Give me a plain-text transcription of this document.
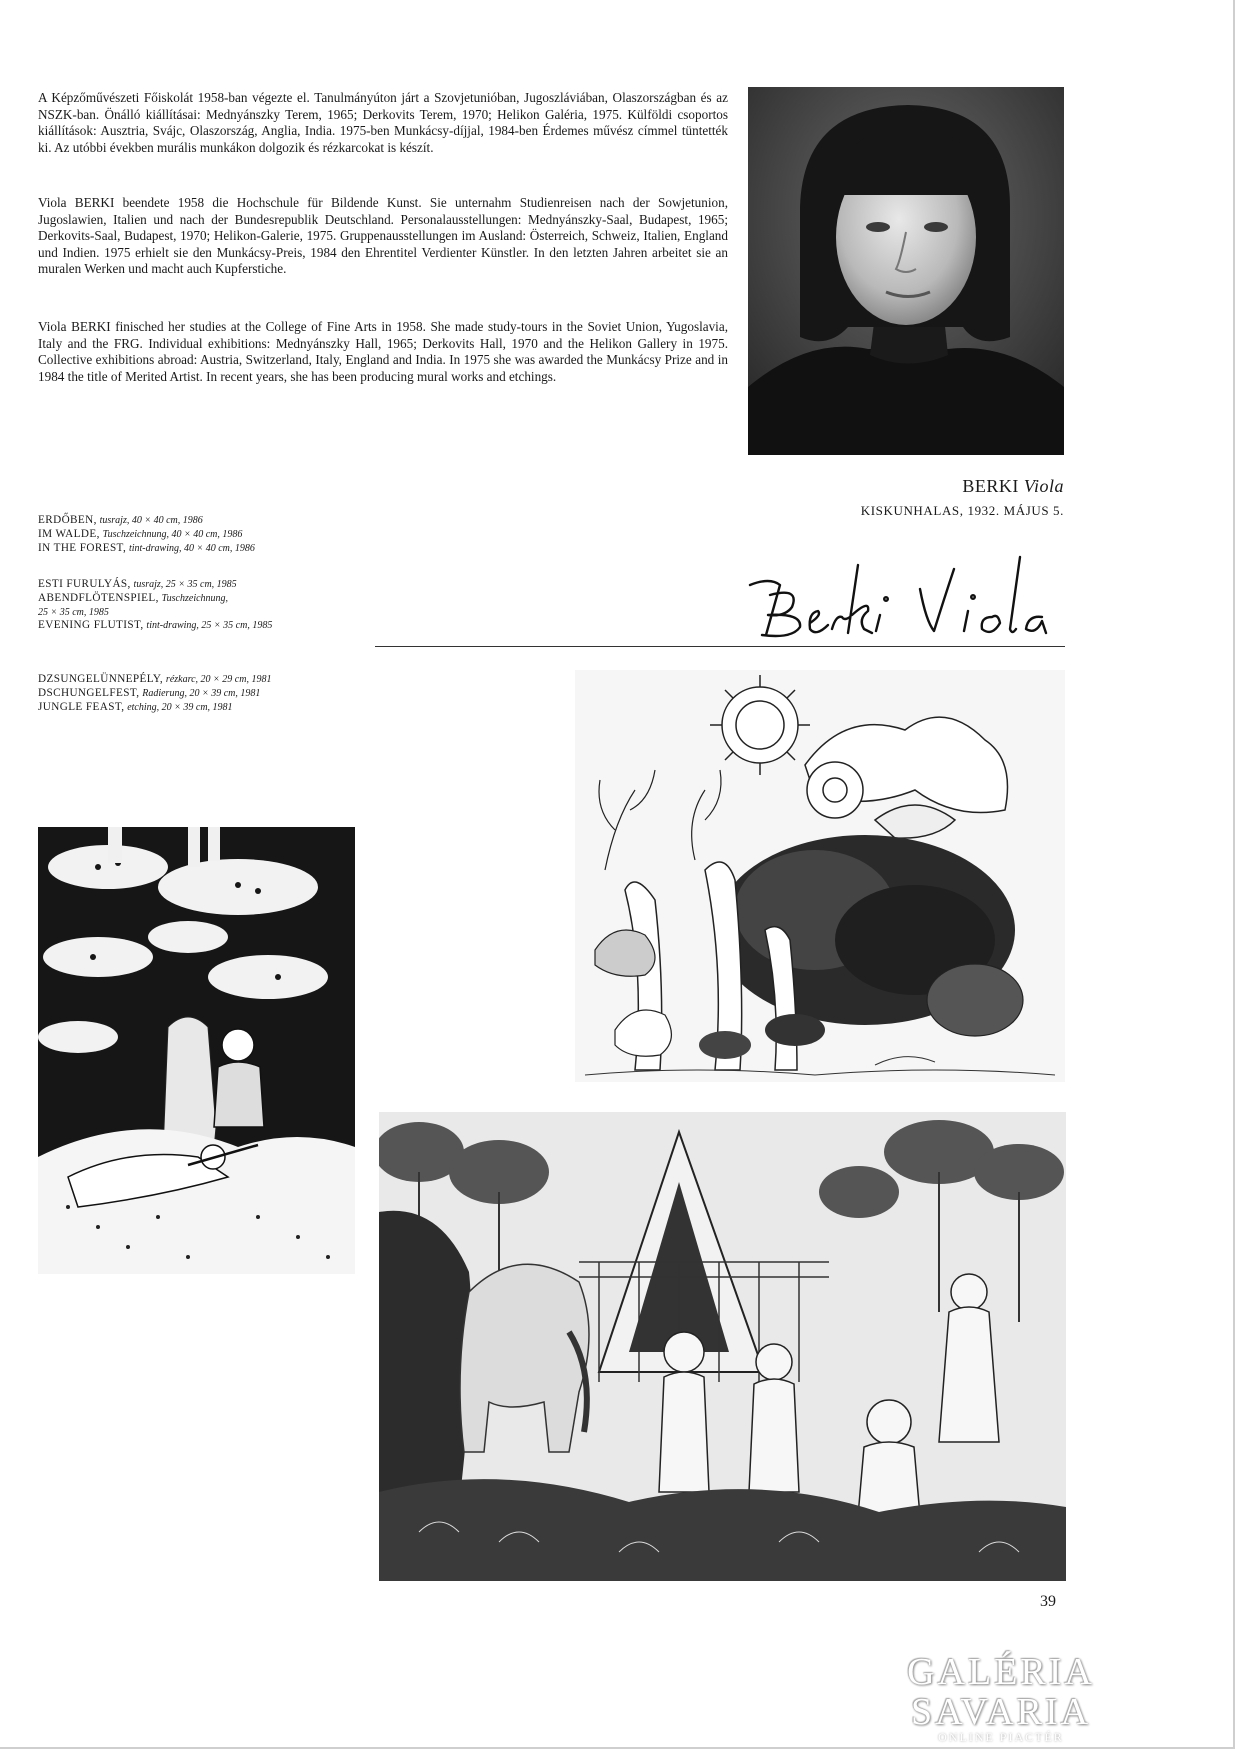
A Képzőművészeti Főiskolát 1958-ban végezte el. Tanulmányúton járt a Szovjetunióban, Jugoszláviában, Olaszországban és az NSZK-ban. Önálló kiállításai: Mednyánszky Terem, 1965; Derkovits Terem, 1970; Helikon Galéria, 1975. Külföldi csoportos kiállítások: Ausztria, Svájc, Olaszország, Anglia, India. 1975-ben Munkácsy-díjjal, 1984-ben Érdemes művész címmel tüntették ki. Az utóbbi években murális munkákon dolgozik és rézkarcokat is készít.

Viola BERKI beendete 1958 die Hochschule für Bildende Kunst. Sie unternahm Studienreisen nach der Sowjetunion, Jugoslawien, Italien und nach der Bundesrepublik Deutschland. Personalausstellungen: Mednyánszky-Saal, Budapest, 1965; Derkovits-Saal, Budapest, 1970; Helikon-Galerie, 1975. Gruppenausstellungen im Ausland: Österreich, Schweiz, Italien, England und Indien. 1975 erhielt sie den Munkácsy-Preis, 1984 den Ehrentitel Verdienter Künstler. In den letzten Jahren arbeitet sie an muralen Werken und macht auch Kupferstiche.

Viola BERKI finisched her studies at the College of Fine Arts in 1958. She made study-tours in the Soviet Union, Yugoslavia, Italy and the FRG. Individual exhibitions: Mednyánszky Hall, 1965; Derkovits Hall, 1970 and the Helikon Gallery in 1975. Collective exhibitions abroad: Austria, Switzerland, Italy, England and India. In 1975 she was awarded the Munkácsy Prize and in 1984 the title of Merited Artist. In recent years, she has been producing mural works and etchings.

BERKI Viola
KISKUNHALAS, 1932. MÁJUS 5.
ERDŐBEN, tusrajz, 40 × 40 cm, 1986
IM WALDE, Tuschzeichnung, 40 × 40 cm, 1986
IN THE FOREST, tint-drawing, 40 × 40 cm, 1986
ESTI FURULYÁS, tusrajz, 25 × 35 cm, 1985
ABENDFLÖTENSPIEL, Tuschzeichnung,
25 × 35 cm, 1985
EVENING FLUTIST, tint-drawing, 25 × 35 cm, 1985
DZSUNGELÜNNEPÉLY, rézkarc, 20 × 29 cm, 1981
DSCHUNGELFEST, Radierung, 20 × 39 cm, 1981
JUNGLE FEAST, etching, 20 × 39 cm, 1981
39
GALÉRIA SAVARIA
ONLINE PIACTÉR
